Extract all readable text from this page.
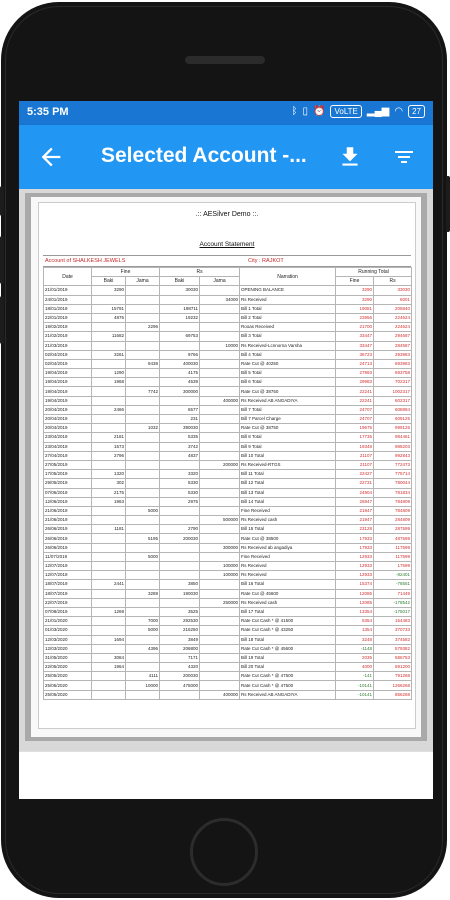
5:35 PM	ᛒ ▯ ⏰	VoLTE ▂▄▆ ◠	27
Selected Account -...
.:: AESilver Demo ::.
Account Statement
Account of SHALKESH JEWELS	City : RAJKOT
Date	Fine		Rs		Narration	Running Total	
	Baki	Jama	Baki	Jama		Fine	Rs
21/01/2019	3290		30030		OPENING BALANCE	3290	33030
24/01/2019				34000	Rs Received	3290	6001
18/01/2019	15791		198711		Bill 1 Total	19081	205840
22/01/2019	4875		19232		Bill 2 Total	23956	224624
19/02/2019		2296			Rooas Received	21700	224624
21/02/2019	11682		69753		Bill 3 Total	33447	294687
21/03/2019				10000	Rs Received-Lcnnorna Varsha	33447	284587
02/04/2019	3261		9766		Bill 4 Total	36723	293983
02/04/2019		9438	400030		Rate Cut @ 40250	24713	693983
19/04/2019	1290		4175		Bill 5 Total	27993	693758
19/04/2019	1968		4539		Bill 6 Total	29983	702317
19/04/2019		7742	300000		Rate Cut @ 38750	22241	1002317
19/04/2019				400000	Rs Received AB ANGADIYA	22241	602317
20/04/2019	2466		6577		Bill 7 Total	24707	608894
20/04/2019			231		Bill 7 Parcel Charge	24707	609125
20/04/2019		1032	390030		Rate Cut @ 38750	19675	999125
23/04/2019	2181		5335		Bill 8 Total	17735	984461
23/04/2019	1573		3742		Bill 9 Total	19348	988203
27/04/2019	2796		4837		Bill 10 Total	21107	992843
27/05/2019				200000	Rs Received-RTGS	21107	772473
17/05/2019	1320		3320		Bill 11 Total	22427	775714
29/05/2019	302		5330		Bill 12 Total	22731	780044
07/06/2019	2175		5330		Bill 13 Total	24904	781834
12/06/2019	1963		2975		Bill 14 Total	26947	784809
21/06/2019		5000			Fine Received	21947	784809
21/06/2019				500000	Rs Received cash	21947	284809
26/06/2019	1181		2790		Bill 15 Total	23128	287599
26/06/2019		5195	200030		Rate Cut @ 38500	17933	487599
26/06/2019				300000	Rs Received ab angadiya	17933	117599
11/07/2019		5000			Fine Received	12933	117599
12/07/2019				100000	Rs Received	12933	17599
12/07/2019				100000	Rs Received	12933	-82401
18/07/2019	2441		3850		Bill 16 Total	15374	-78551
18/07/2019		3289	190030		Rate Cut @ 45600	12085	71449
22/07/2019				250000	Rs Received cash	12085	-178542
07/08/2019	1269		3525		Bill 17 Total	13354	-175017
21/01/2020		7000	292530		Rate Cut Cash * @ 41500	6354	154483
01/03/2020		5000	216250		Rate Cut Cash * @ 43250	1354	370733
12/03/2020	1694		3849		Bill 18 Total	3248	374582
12/03/2020		4396	206800		Rate Cut Cash * @ 45600	-1148	579382
31/05/2020	3084		7171		Bill 19 Total	2035	586753
22/05/2020	1964		4320		Bill 20 Total	4000	591200
25/05/2020		4111	200030		Rate Cut Cash * @ 47500	-141	791268
25/05/2020		10000	475000		Rate Cut Cash * @ 47500	-10141	1266268
25/05/2020				400000	Rs Received AB ANGADIYA	-10141	856268
